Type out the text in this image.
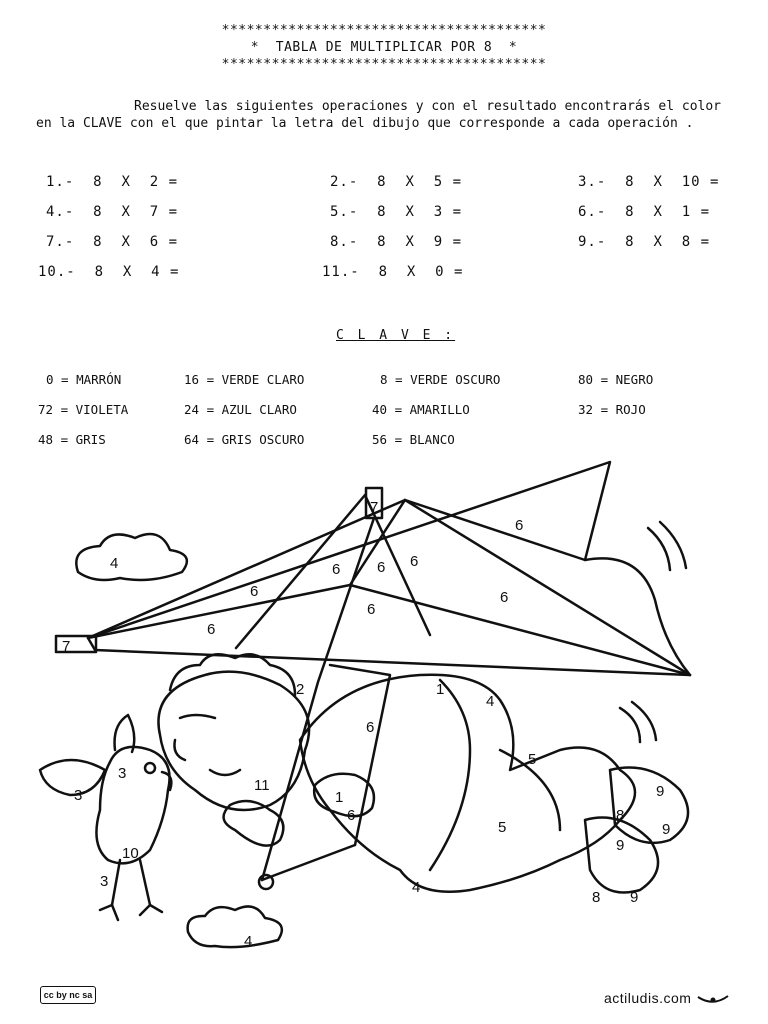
***************************************
*  TABLA DE MULTIPLICAR POR 8  *
***************************************
Resuelve las siguientes operaciones y con el resultado encontrarás el color
en la CLAVE con el que pintar la letra del dibujo que corresponde a cada operación .
1.- 8  X  2 =	2.- 8  X  5 =	3.- 8  X  10 =
4.- 8  X  7 =	5.- 8  X  3 =	6.- 8  X  1 =
7.- 8  X  6 =	8.- 8  X  9 =	9.- 8  X  8 =
10.- 8  X  4 =	11.- 8  X  0 =
C L A V E :
0 = MARRÓN	16 = VERDE CLARO	8 = VERDE OSCURO	80 = NEGRO
72 = VIOLETA	24 = AZUL CLARO	40 = AMARILLO	32 = ROJO
48 = GRIS	64 = GRIS OSCURO	56 = BLANCO
7
6
6 6 6
6
6
6
6
4
7
2	1
4
6
3
3	1
11
6
5
5
10
3
8
9
9
9
8 9
4
4
cc by nc sa	actiludis.com
